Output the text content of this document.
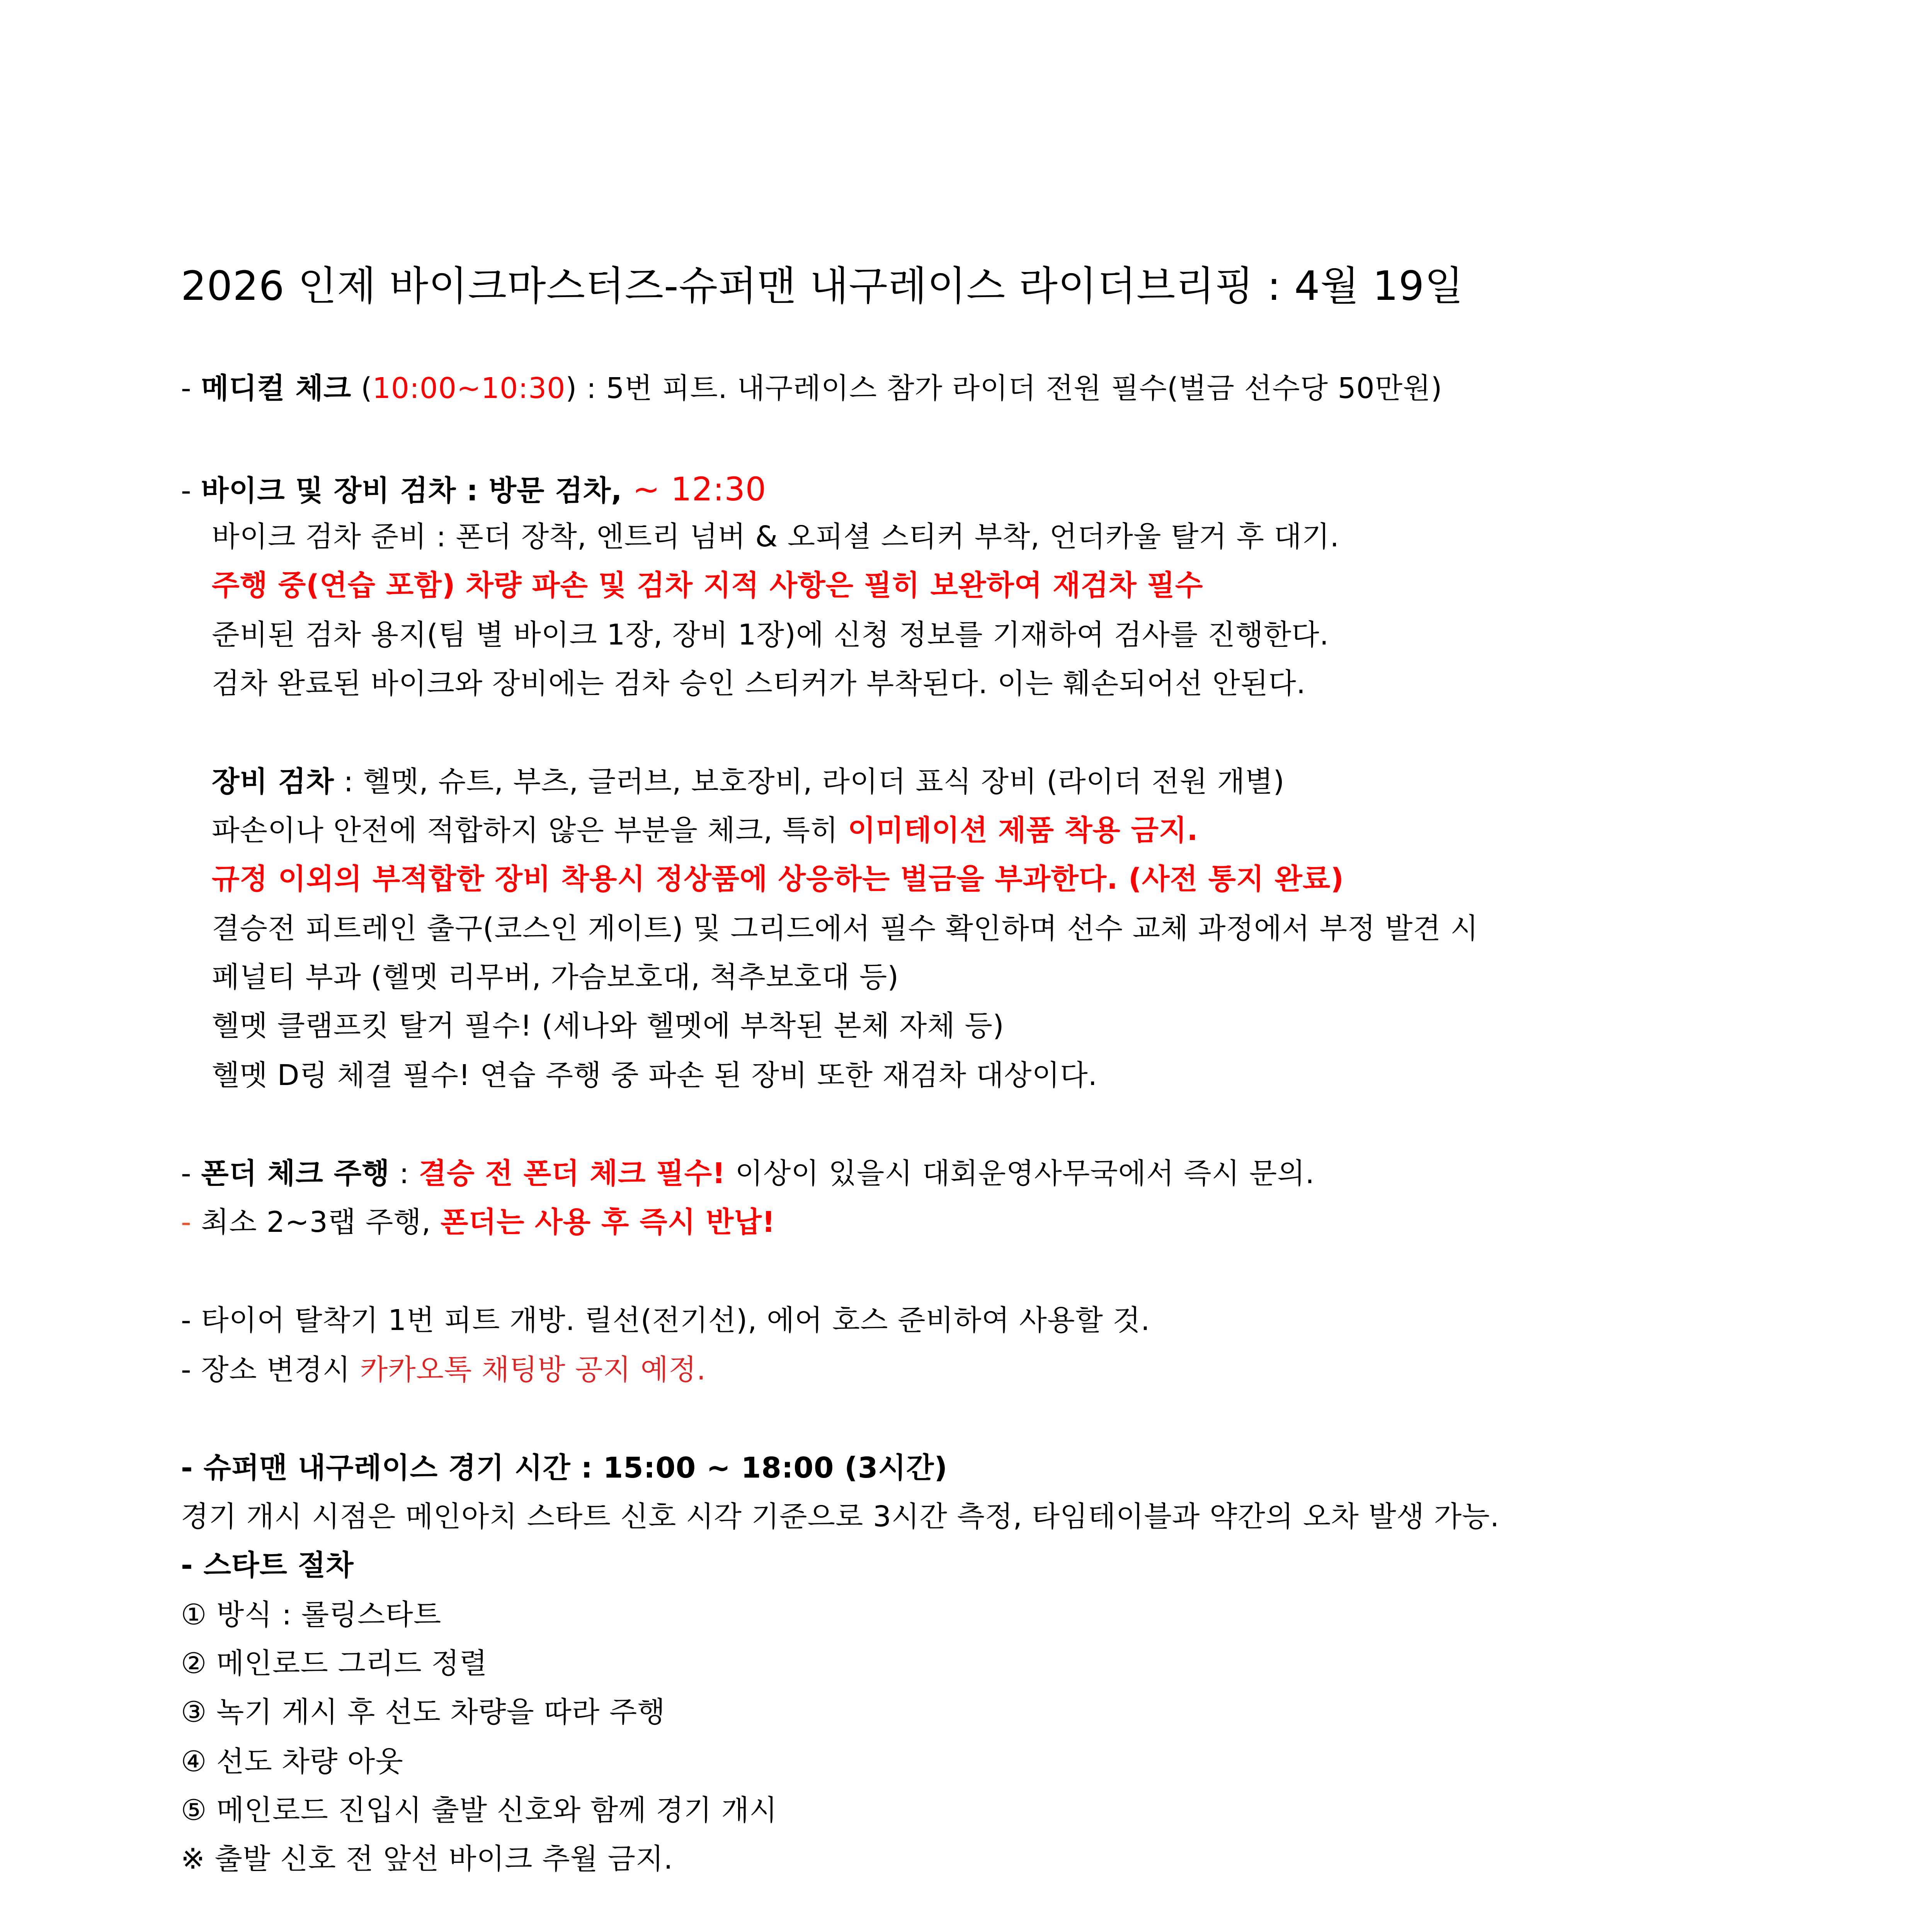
2026 인제 바이크마스터즈-슈퍼맨 내구레이스 라이더브리핑 : 4월 19일
- 메디컬 체크 (10:00~10:30) : 5번 피트. 내구레이스 참가 라이더 전원 필수(벌금 선수당 50만원)
- 바이크 및 장비 검차 : 방문 검차, ~ 12:30
바이크 검차 준비 : 폰더 장착, 엔트리 넘버 & 오피셜 스티커 부착, 언더카울 탈거 후 대기.
주행 중(연습 포함) 차량 파손 및 검차 지적 사항은 필히 보완하여 재검차 필수
준비된 검차 용지(팀 별 바이크 1장, 장비 1장)에 신청 정보를 기재하여 검사를 진행한다.
검차 완료된 바이크와 장비에는 검차 승인 스티커가 부착된다. 이는 훼손되어선 안된다.
장비 검차 : 헬멧, 슈트, 부츠, 글러브, 보호장비, 라이더 표식 장비 (라이더 전원 개별)
파손이나 안전에 적합하지 않은 부분을 체크, 특히 이미테이션 제품 착용 금지.
규정 이외의 부적합한 장비 착용시 정상품에 상응하는 벌금을 부과한다. (사전 통지 완료)
결승전 피트레인 출구(코스인 게이트) 및 그리드에서 필수 확인하며 선수 교체 과정에서 부정 발견 시
페널티 부과 (헬멧 리무버, 가슴보호대, 척추보호대 등)
헬멧 클램프킷 탈거 필수! (세나와 헬멧에 부착된 본체 자체 등)
헬멧 D링 체결 필수! 연습 주행 중 파손 된 장비 또한 재검차 대상이다.
- 폰더 체크 주행 : 결승 전 폰더 체크 필수! 이상이 있을시 대회운영사무국에서 즉시 문의.
- 최소 2~3랩 주행, 폰더는 사용 후 즉시 반납!
- 타이어 탈착기 1번 피트 개방. 릴선(전기선), 에어 호스 준비하여 사용할 것.
- 장소 변경시 카카오톡 채팅방 공지 예정.
- 슈퍼맨 내구레이스 경기 시간 : 15:00 ~ 18:00 (3시간)
경기 개시 시점은 메인아치 스타트 신호 시각 기준으로 3시간 측정, 타임테이블과 약간의 오차 발생 가능.
- 스타트 절차
① 방식 : 롤링스타트
② 메인로드 그리드 정렬
③ 녹기 게시 후 선도 차량을 따라 주행
④ 선도 차량 아웃
⑤ 메인로드 진입시 출발 신호와 함께 경기 개시
※ 출발 신호 전 앞선 바이크 추월 금지.
